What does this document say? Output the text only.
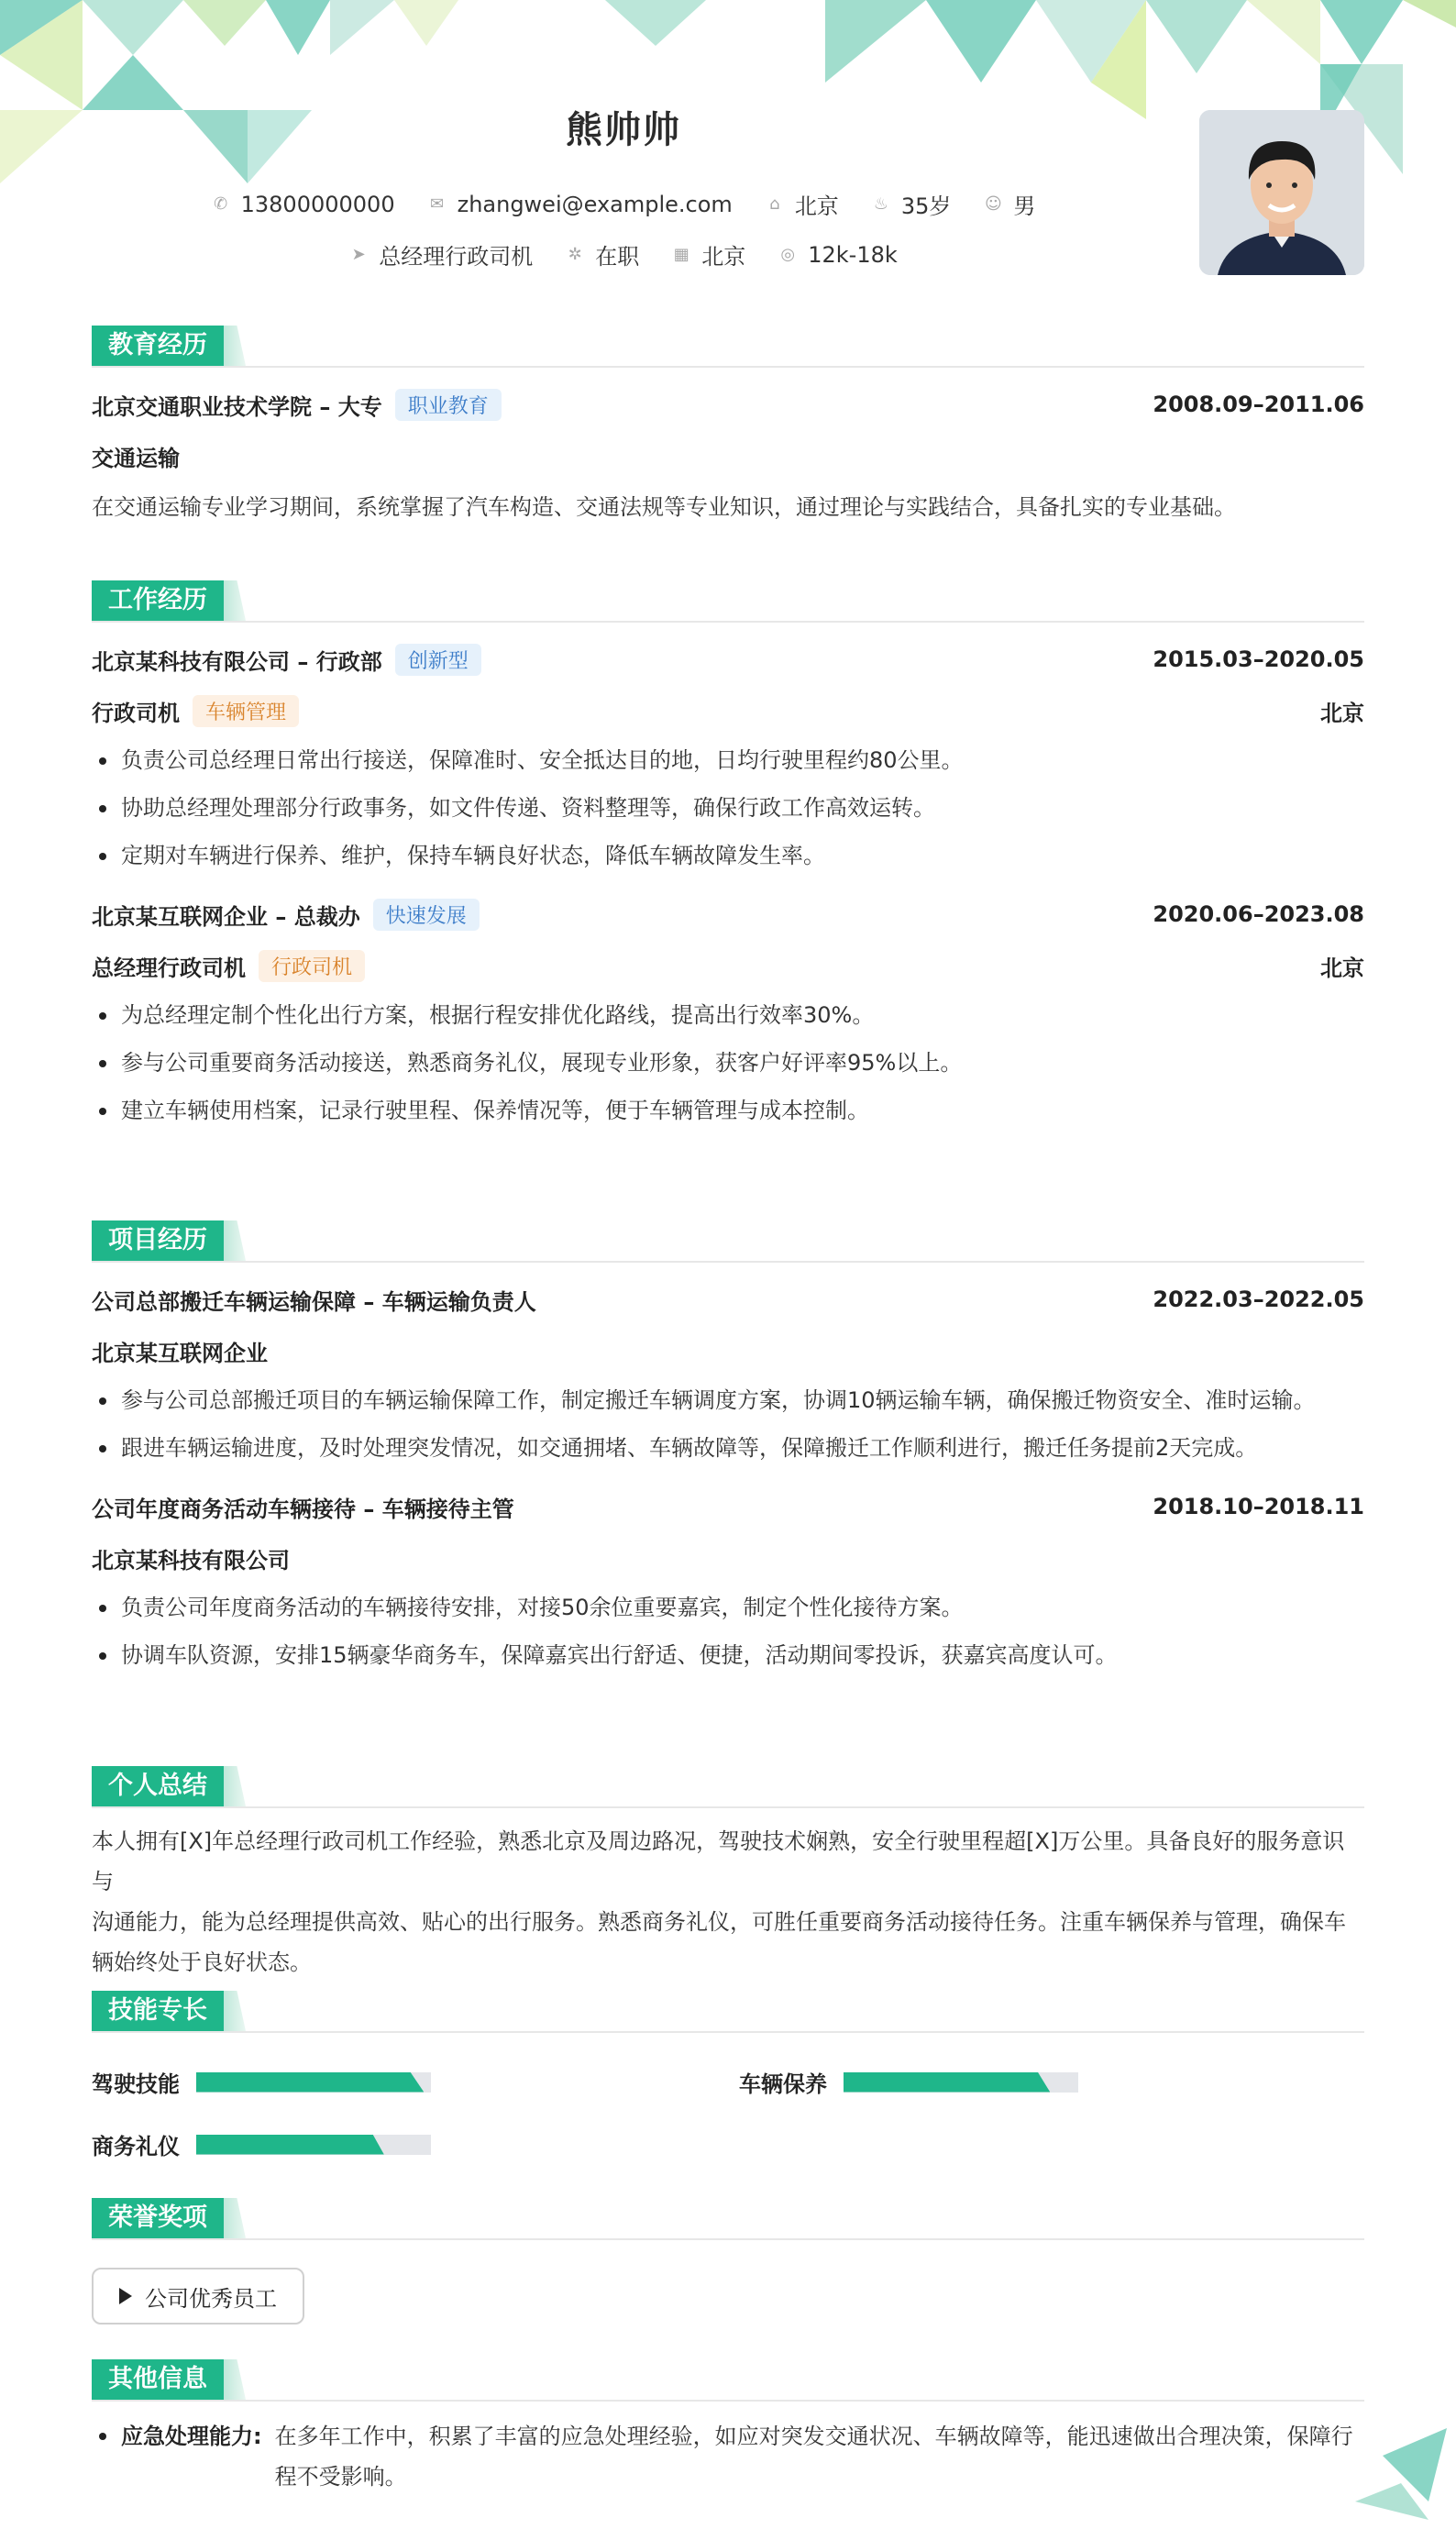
熊帅帅
✆ 13800000000 ✉ zhangwei@example.com ⌂ 北京 ♨ 35岁 ☺ 男
➤ 总经理行政司机 ✲ 在职 ▦ 北京 ◎ 12k-18k
教育经历
北京交通职业技术学院 – 大专	职业教育	2008.09–2011.06
交通运输
在交通运输专业学习期间，系统掌握了汽车构造、交通法规等专业知识，通过理论与实践结合，具备扎实的专业基础。
工作经历
北京某科技有限公司 – 行政部	创新型	2015.03–2020.05
行政司机	车辆管理	北京
负责公司总经理日常出行接送，保障准时、安全抵达目的地，日均行驶里程约80公里。
协助总经理处理部分行政事务，如文件传递、资料整理等，确保行政工作高效运转。
定期对车辆进行保养、维护，保持车辆良好状态，降低车辆故障发生率。
北京某互联网企业 – 总裁办	快速发展	2020.06–2023.08
总经理行政司机	行政司机	北京
为总经理定制个性化出行方案，根据行程安排优化路线，提高出行效率30%。
参与公司重要商务活动接送，熟悉商务礼仪，展现专业形象，获客户好评率95%以上。
建立车辆使用档案，记录行驶里程、保养情况等，便于车辆管理与成本控制。
项目经历
公司总部搬迁车辆运输保障 – 车辆运输负责人	2022.03–2022.05
北京某互联网企业
参与公司总部搬迁项目的车辆运输保障工作，制定搬迁车辆调度方案，协调10辆运输车辆，确保搬迁物资安全、准时运输。
跟进车辆运输进度，及时处理突发情况，如交通拥堵、车辆故障等，保障搬迁工作顺利进行，搬迁任务提前2天完成。
公司年度商务活动车辆接待 – 车辆接待主管	2018.10–2018.11
北京某科技有限公司
负责公司年度商务活动的车辆接待安排，对接50余位重要嘉宾，制定个性化接待方案。
协调车队资源，安排15辆豪华商务车，保障嘉宾出行舒适、便捷，活动期间零投诉，获嘉宾高度认可。
个人总结
本人拥有[X]年总经理行政司机工作经验，熟悉北京及周边路况，驾驶技术娴熟，安全行驶里程超[X]万公里。具备良好的服务意识与
沟通能力，能为总经理提供高效、贴心的出行服务。熟悉商务礼仪，可胜任重要商务活动接待任务。注重车辆保养与管理，确保车
辆始终处于良好状态。
技能专长
驾驶技能	车辆保养
商务礼仪
荣誉奖项
公司优秀员工
其他信息
应急处理能力: 在多年工作中，积累了丰富的应急处理经验，如应对突发交通状况、车辆故障等，能迅速做出合理决策，保障行
程不受影响。
